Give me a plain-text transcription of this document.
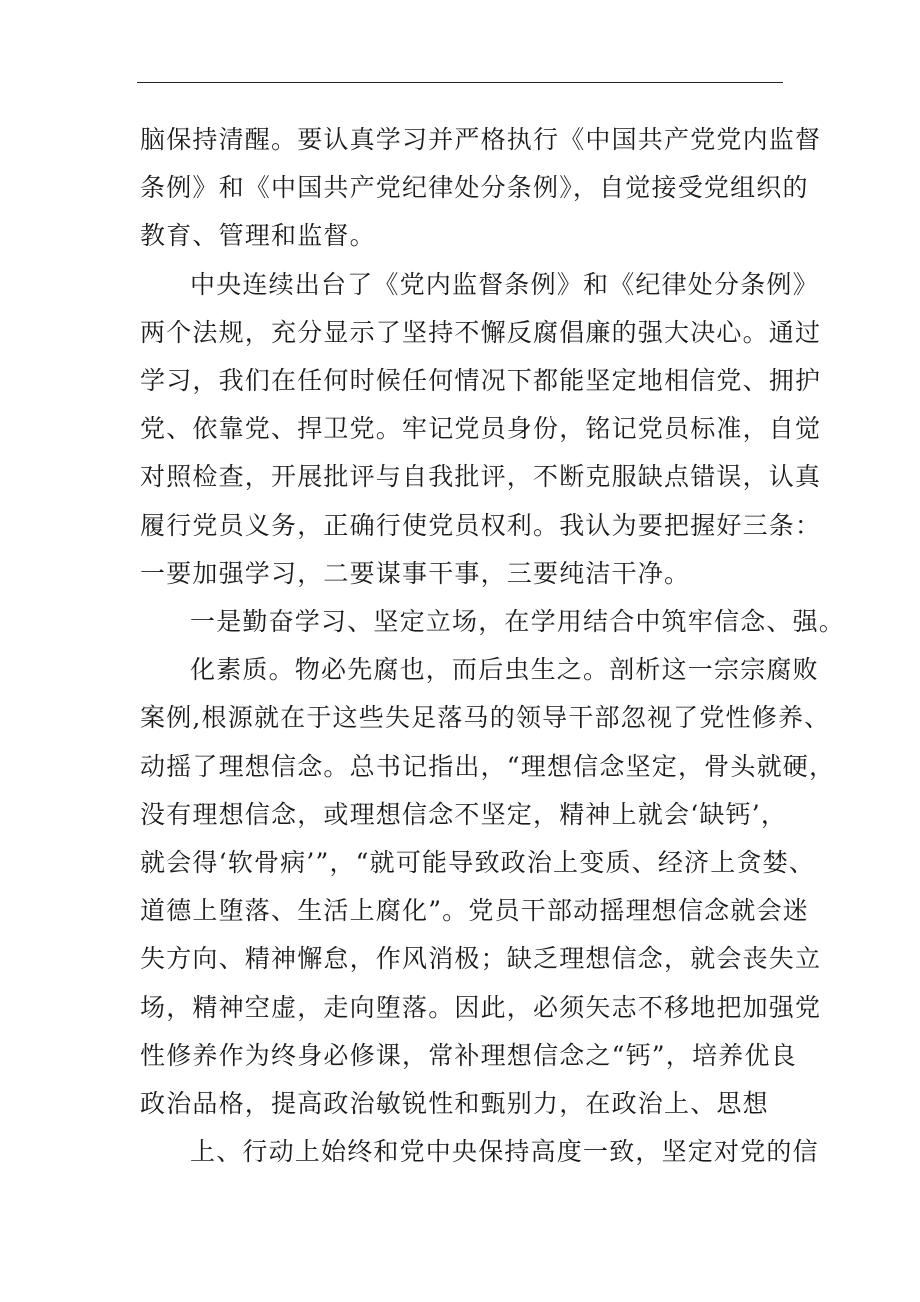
脑保持清醒。要认真学习并严格执行《中国共产党党内监督
条例》和《中国共产党纪律处分条例》，自觉接受党组织的
教育、管理和监督。

中央连续出台了《党内监督条例》和《纪律处分条例》
两个法规，充分显示了坚持不懈反腐倡廉的强大决心。通过
学习，我们在任何时候任何情况下都能坚定地相信党、拥护
党、依靠党、捍卫党。牢记党员身份，铭记党员标准，自觉
对照检查，开展批评与自我批评，不断克服缺点错误，认真
履行党员义务，正确行使党员权利。我认为要把握好三条：
一要加强学习，二要谋事干事，三要纯洁干净。

一是勤奋学习、坚定立场，在学用结合中筑牢信念、强。

化素质。物必先腐也，而后虫生之。剖析这一宗宗腐败
案例,根源就在于这些失足落马的领导干部忽视了党性修养、
动摇了理想信念。总书记指出，“理想信念坚定，骨头就硬，
没有理想信念，或理想信念不坚定，精神上就会‘缺钙’，
就会得‘软骨病’”，“就可能导致政治上变质、经济上贪婪、
道德上堕落、生活上腐化”。党员干部动摇理想信念就会迷
失方向、精神懈怠，作风消极；缺乏理想信念，就会丧失立
场，精神空虚，走向堕落。因此，必须矢志不移地把加强党
性修养作为终身必修课，常补理想信念之“钙”，培养优良
政治品格，提高政治敏锐性和甄别力，在政治上、思想

上、行动上始终和党中央保持高度一致，坚定对党的信
